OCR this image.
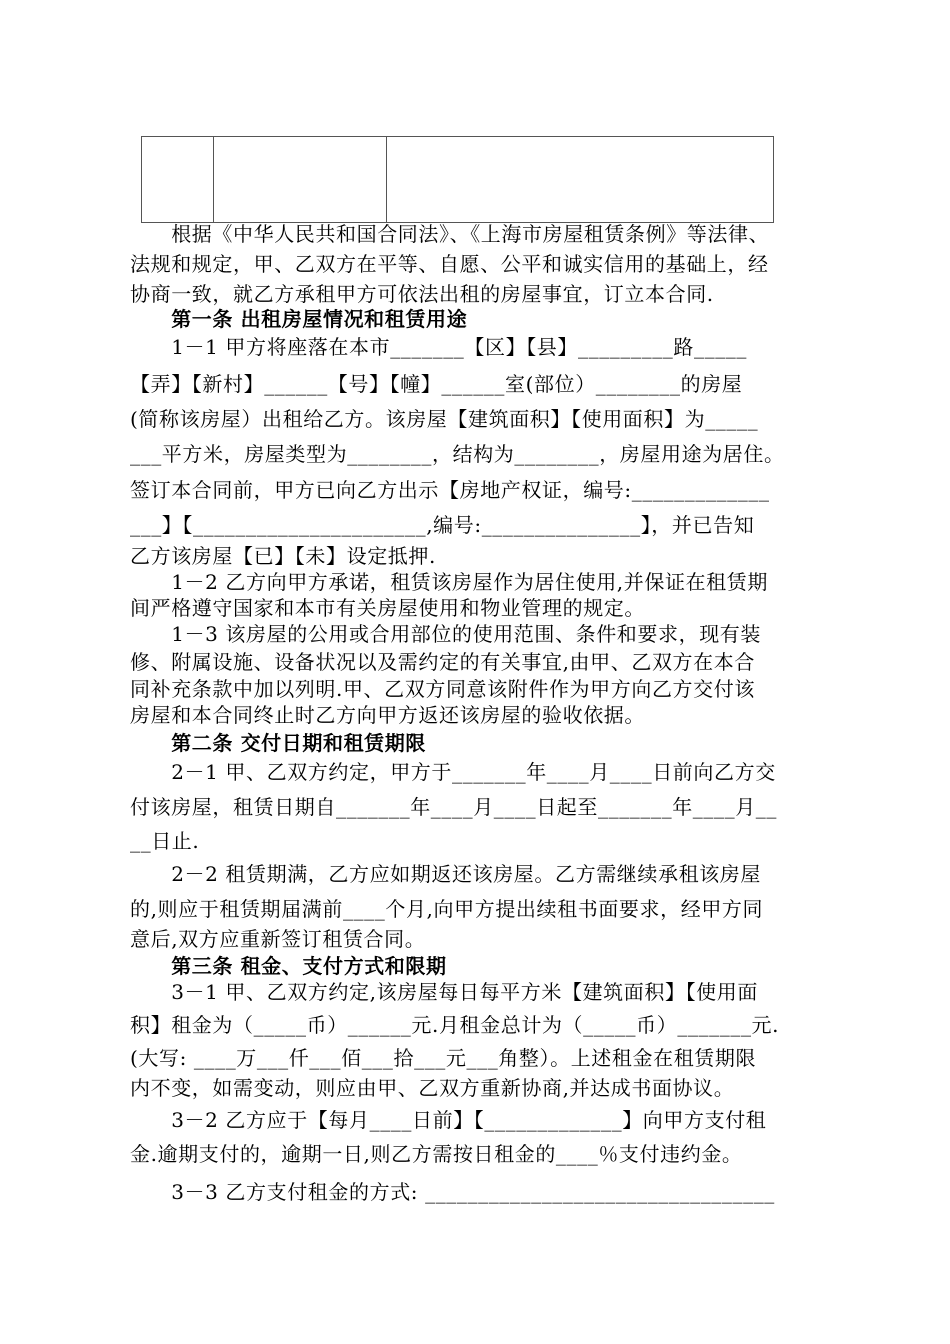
　　根据《中华人民共和国合同法》、《上海市房屋租赁条例》等法律、
法规和规定，甲、乙双方在平等、自愿、公平和诚实信用的基础上，经
协商一致，就乙方承租甲方可依法出租的房屋事宜，订立本合同.
　　第一条 出租房屋情况和租赁用途
　　1－1 甲方将座落在本市_______【区】【县】_________路_____
【弄】【新村】______【号】【幢】______室(部位）________的房屋
(简称该房屋）出租给乙方。该房屋【建筑面积】【使用面积】为_____
___平方米，房屋类型为________，结构为________，房屋用途为居住。
签订本合同前，甲方已向乙方出示【房地产权证，编号:_____________
___】【______________________,编号:_______________】，并已告知
乙方该房屋【已】【未】设定抵押.
　　1－2 乙方向甲方承诺，租赁该房屋作为居住使用,并保证在租赁期
间严格遵守国家和本市有关房屋使用和物业管理的规定。
　　1－3 该房屋的公用或合用部位的使用范围、条件和要求，现有装
修、附属设施、设备状况以及需约定的有关事宜,由甲、乙双方在本合
同补充条款中加以列明.甲、乙双方同意该附件作为甲方向乙方交付该
房屋和本合同终止时乙方向甲方返还该房屋的验收依据。
　　第二条 交付日期和租赁期限
　　2－1 甲、乙双方约定，甲方于_______年____月____日前向乙方交
付该房屋，租赁日期自_______年____月____日起至_______年____月__
__日止.
　　2－2 租赁期满，乙方应如期返还该房屋。乙方需继续承租该房屋
的,则应于租赁期届满前____个月,向甲方提出续租书面要求，经甲方同
意后,双方应重新签订租赁合同。
　　第三条 租金、支付方式和限期
　　3－1 甲、乙双方约定,该房屋每日每平方米【建筑面积】【使用面
积】租金为（_____币）______元.月租金总计为（_____币）_______元.
(大写: ____万___仟___佰___拾___元___角整）。上述租金在租赁期限
内不变，如需变动，则应由甲、乙双方重新协商,并达成书面协议。
　　3－2 乙方应于【每月____日前】【_____________】向甲方支付租
金.逾期支付的，逾期一日,则乙方需按日租金的____％支付违约金。
　　3－3 乙方支付租金的方式: _________________________________
